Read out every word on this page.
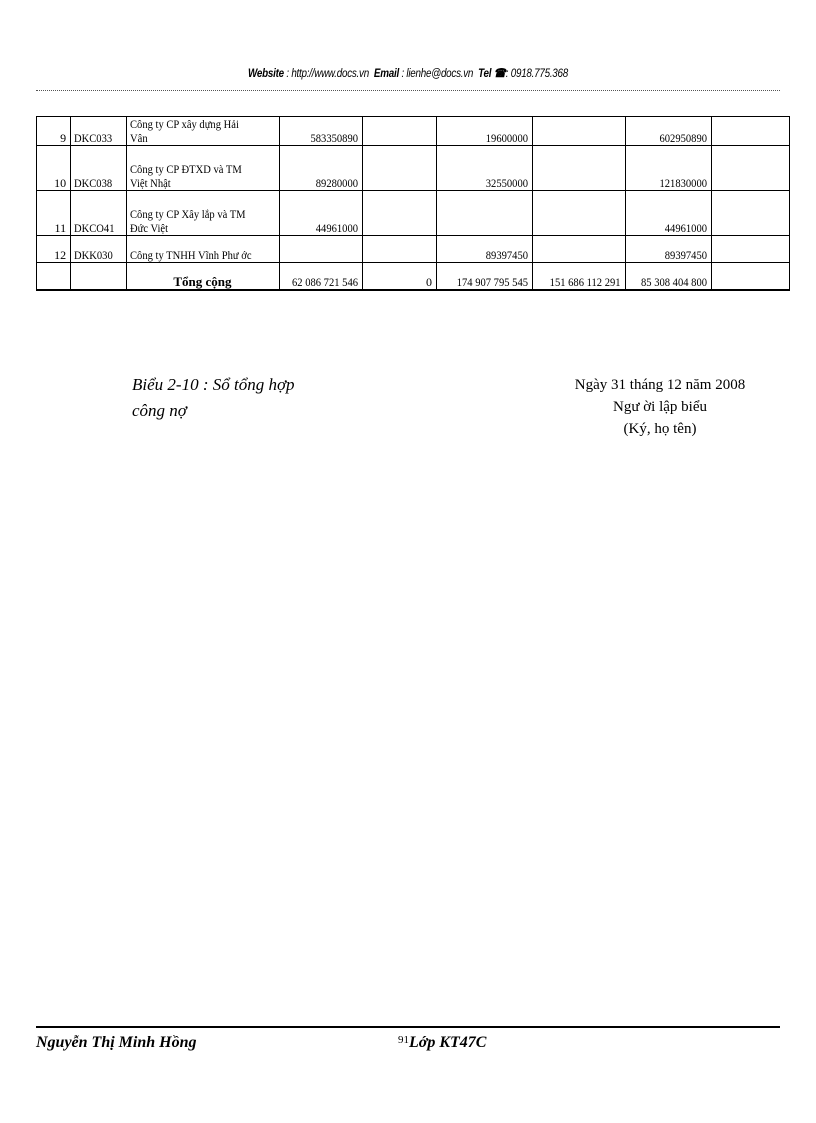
Website : http://www.docs.vn Email : lienhe@docs.vn Tel ☎: 0918.775.368
9	DKC033	Công ty CP xây dựng Hải Vân	583350890		19600000		602950890	
10	DKC038	Công ty CP ĐTXD và TM Việt Nhật	89280000		32550000		121830000	
11	DKCO41	Công ty CP Xây lắp và TM Đức Việt	44961000				44961000	
12	DKK030	Công ty TNHH Vĩnh Phư ớc			89397450		89397450	
		Tổng cộng	62 086 721 546	0	174 907 795 545	151 686 112 291	85 308 404 800	
Biểu 2-10 : Sổ tổng hợp
công nợ
Ngày 31 tháng 12 năm 2008
Ngư ời lập biểu
(Ký, họ tên)
Nguyễn Thị Minh Hồng	$^{91}$Lớp KT47C
